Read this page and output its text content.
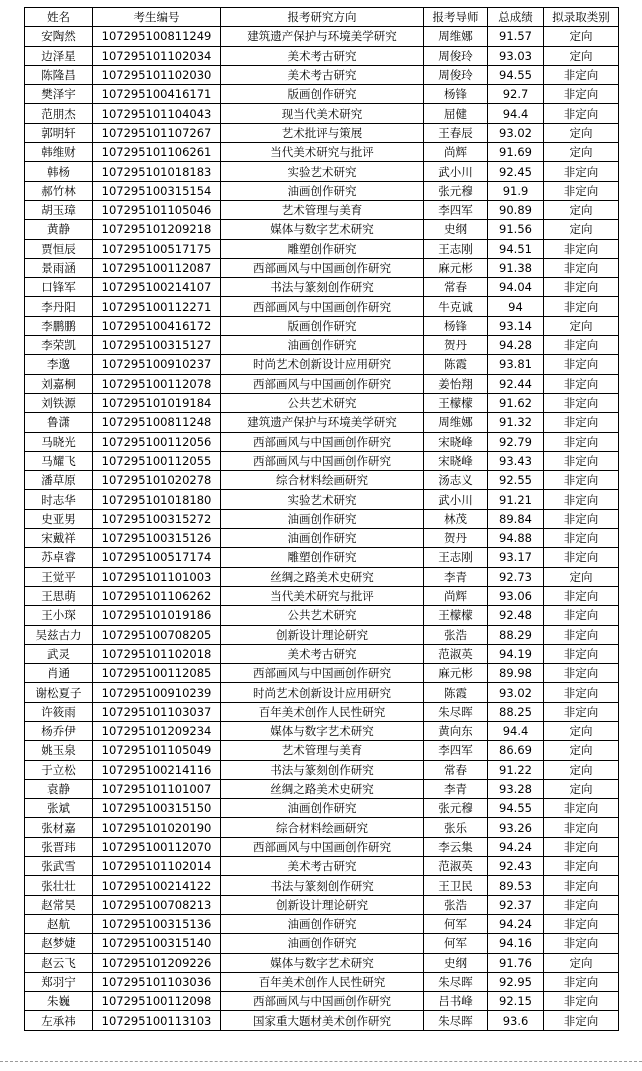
姓名	考生编号	报考研究方向	报考导师	总成绩	拟录取类别
安陶然	107295100811249	建筑遗产保护与环境美学研究	周维娜	91.57	定向
边泽星	107295101102034	美术考古研究	周俊玲	93.03	定向
陈隆昌	107295101102030	美术考古研究	周俊玲	94.55	非定向
樊泽宇	107295100416171	版画创作研究	杨锋	92.7	非定向
范朋杰	107295101104043	现当代美术研究	屈健	94.4	非定向
郭明轩	107295101107267	艺术批评与策展	王春辰	93.02	定向
韩维财	107295101106261	当代美术研究与批评	尚辉	91.69	定向
韩杨	107295101018183	实验艺术研究	武小川	92.45	非定向
郝竹林	107295100315154	油画创作研究	张元穆	91.9	非定向
胡玉璋	107295101105046	艺术管理与美育	李四军	90.89	定向
黄静	107295101209218	媒体与数字艺术研究	史纲	91.56	定向
贾恒辰	107295100517175	雕塑创作研究	王志刚	94.51	非定向
景雨涵	107295100112087	西部画风与中国画创作研究	麻元彬	91.38	非定向
口锋军	107295100214107	书法与篆刻创作研究	常春	94.04	非定向
李丹阳	107295100112271	西部画风与中国画创作研究	牛克诚	94	非定向
李鹏鹏	107295100416172	版画创作研究	杨锋	93.14	定向
李荣凯	107295100315127	油画创作研究	贺丹	94.28	非定向
李邈	107295100910237	时尚艺术创新设计应用研究	陈霞	93.81	非定向
刘嘉桐	107295100112078	西部画风与中国画创作研究	姜怡翔	92.44	非定向
刘铁源	107295101019184	公共艺术研究	王檬檬	91.62	非定向
鲁潇	107295100811248	建筑遗产保护与环境美学研究	周维娜	91.32	非定向
马晓光	107295100112056	西部画风与中国画创作研究	宋晓峰	92.79	非定向
马耀飞	107295100112055	西部画风与中国画创作研究	宋晓峰	93.43	非定向
潘草原	107295101020278	综合材料绘画研究	汤志义	92.55	非定向
时志华	107295101018180	实验艺术研究	武小川	91.21	非定向
史亚男	107295100315272	油画创作研究	林茂	89.84	非定向
宋戴祥	107295100315126	油画创作研究	贺丹	94.88	非定向
苏卓睿	107295100517174	雕塑创作研究	王志刚	93.17	非定向
王觉平	107295101101003	丝绸之路美术史研究	李青	92.73	定向
王思萌	107295101106262	当代美术研究与批评	尚辉	93.06	非定向
王小琛	107295101019186	公共艺术研究	王檬檬	92.48	非定向
吴兹古力	107295100708205	创新设计理论研究	张浩	88.29	非定向
武灵	107295101102018	美术考古研究	范淑英	94.19	非定向
肖通	107295100112085	西部画风与中国画创作研究	麻元彬	89.98	非定向
谢松夏子	107295100910239	时尚艺术创新设计应用研究	陈霞	93.02	非定向
许筱雨	107295101103037	百年美术创作人民性研究	朱尽晖	88.25	非定向
杨乔伊	107295101209234	媒体与数字艺术研究	黄向东	94.4	定向
姚玉泉	107295101105049	艺术管理与美育	李四军	86.69	定向
于立松	107295100214116	书法与篆刻创作研究	常春	91.22	定向
袁静	107295101101007	丝绸之路美术史研究	李青	93.28	定向
张斌	107295100315150	油画创作研究	张元穆	94.55	非定向
张材嘉	107295101020190	综合材料绘画研究	张乐	93.26	非定向
张晋玮	107295100112070	西部画风与中国画创作研究	李云集	94.24	非定向
张武雪	107295101102014	美术考古研究	范淑英	92.43	非定向
张壮壮	107295100214122	书法与篆刻创作研究	王卫民	89.53	非定向
赵常昊	107295100708213	创新设计理论研究	张浩	92.37	非定向
赵航	107295100315136	油画创作研究	何军	94.24	非定向
赵梦婕	107295100315140	油画创作研究	何军	94.16	非定向
赵云飞	107295101209226	媒体与数字艺术研究	史纲	91.76	定向
郑羽宁	107295101103036	百年美术创作人民性研究	朱尽晖	92.95	非定向
朱巍	107295100112098	西部画风与中国画创作研究	吕书峰	92.15	非定向
左承祎	107295100113103	国家重大题材美术创作研究	朱尽晖	93.6	非定向
